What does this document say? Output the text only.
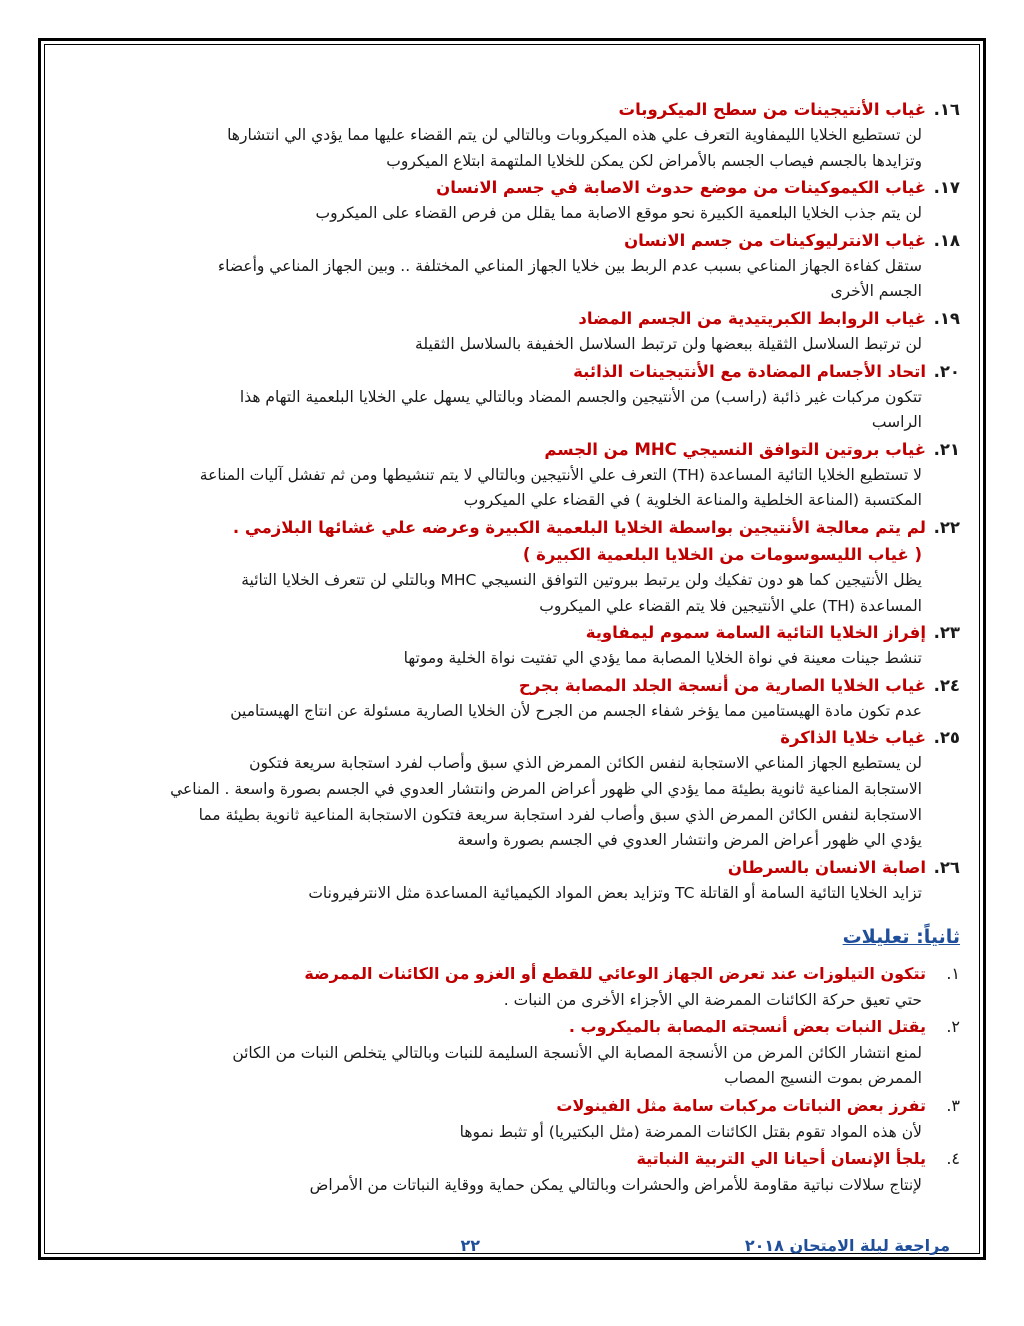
١٦.غياب الأنتيجينات من سطح الميكروبات
لن تستطيع الخلايا الليمفاوية التعرف علي هذه الميكروبات وبالتالي لن يتم القضاء عليها مما يؤدي الي انتشارها
وتزايدها بالجسم فيصاب الجسم بالأمراض لكن يمكن للخلايا الملتهمة ابتلاع الميكروب
١٧.غياب الكيموكينات من موضع حدوث الاصابة في جسم الانسان
لن يتم جذب الخلايا البلعمية الكبيرة نحو موقع الاصابة مما يقلل من فرص القضاء على الميكروب
١٨.غياب الانترليوكينات من جسم الانسان
ستقل كفاءة الجهاز المناعي بسبب عدم الربط بين خلايا الجهاز المناعي المختلفة .. وبين الجهاز المناعي وأعضاء
الجسم الأخرى
١٩.غياب الروابط الكبريتيدية من الجسم المضاد
لن ترتبط السلاسل الثقيلة ببعضها ولن ترتبط السلاسل الخفيفة بالسلاسل الثقيلة
٢٠.اتحاد الأجسام المضادة مع الأنتيجينات الذائبة
تتكون مركبات غير ذائبة (راسب) من الأنتيجين والجسم المضاد وبالتالي يسهل علي الخلايا البلعمية التهام هذا
الراسب
٢١.غياب بروتين التوافق النسيجي MHC من الجسم
لا تستطيع الخلايا التائية المساعدة (TH) التعرف علي الأنتيجين وبالتالي لا يتم تنشيطها ومن ثم تفشل آليات المناعة
المكتسبة (المناعة الخلطية والمناعة الخلوية ) في القضاء علي الميكروب
٢٢.لم يتم معالجة الأنتيجين بواسطة الخلايا البلعمية الكبيرة وعرضه علي غشائها البلازمي .
( غياب الليسوسومات من الخلايا البلعمية الكبيرة )
يظل الأنتيجين كما هو دون تفكيك ولن يرتبط ببروتين التوافق النسيجي MHC وبالتلي لن تتعرف الخلايا التائية
المساعدة (TH) علي الأنتيجين فلا يتم القضاء علي الميكروب
٢٣.إفراز الخلايا التائية السامة سموم ليمفاوية
تنشط جينات معينة في نواة الخلايا المصابة مما يؤدي الي تفتيت نواة الخلية وموتها
٢٤.غياب الخلايا الصارية من أنسجة الجلد المصابة بجرح
عدم تكون مادة الهيستامين مما يؤخر شفاء الجسم من الجرح لأن الخلايا الصارية مسئولة عن انتاج الهيستامين
٢٥.غياب خلايا الذاكرة
لن يستطيع الجهاز المناعي الاستجابة لنفس الكائن الممرض الذي سبق وأصاب لفرد استجابة سريعة فتكون
الاستجابة المناعية ثانوية بطيئة مما يؤدي الي ظهور أعراض المرض وانتشار العدوي في الجسم بصورة واسعة . المناعي
الاستجابة لنفس الكائن الممرض الذي سبق وأصاب لفرد استجابة سريعة فتكون الاستجابة المناعية ثانوية بطيئة مما
يؤدي الي ظهور أعراض المرض وانتشار العدوي في الجسم بصورة واسعة
٢٦.اصابة الانسان بالسرطان
تزايد الخلايا التائية السامة أو القاتلة TC وتزايد بعض المواد الكيميائية المساعدة مثل الانترفيرونات
ثانياً: تعليلات
١.تتكون التيلوزات عند تعرض الجهاز الوعائي للقطع أو الغزو من الكائنات الممرضة
حتي تعيق حركة الكائنات الممرضة الي الأجزاء الأخرى من النبات .
٢.يقتل النبات بعض أنسجته المصابة بالميكروب .
لمنع انتشار الكائن المرض من الأنسجة المصابة الي الأنسجة السليمة للنبات وبالتالي يتخلص النبات من الكائن
الممرض بموت النسيج المصاب
٣.تفرز بعض النباتات مركبات سامة مثل الفينولات
لأن هذه المواد تقوم بقتل الكائنات الممرضة (مثل البكتيريا) أو تثبط نموها
٤.يلجأ الإنسان أحيانا الي التربية النباتية
لإنتاج سلالات نباتية مقاومة للأمراض والحشرات وبالتالي يمكن حماية ووقاية النباتات من الأمراض
مراجعة ليلة الامتحان ٢٠١٨
٢٢
